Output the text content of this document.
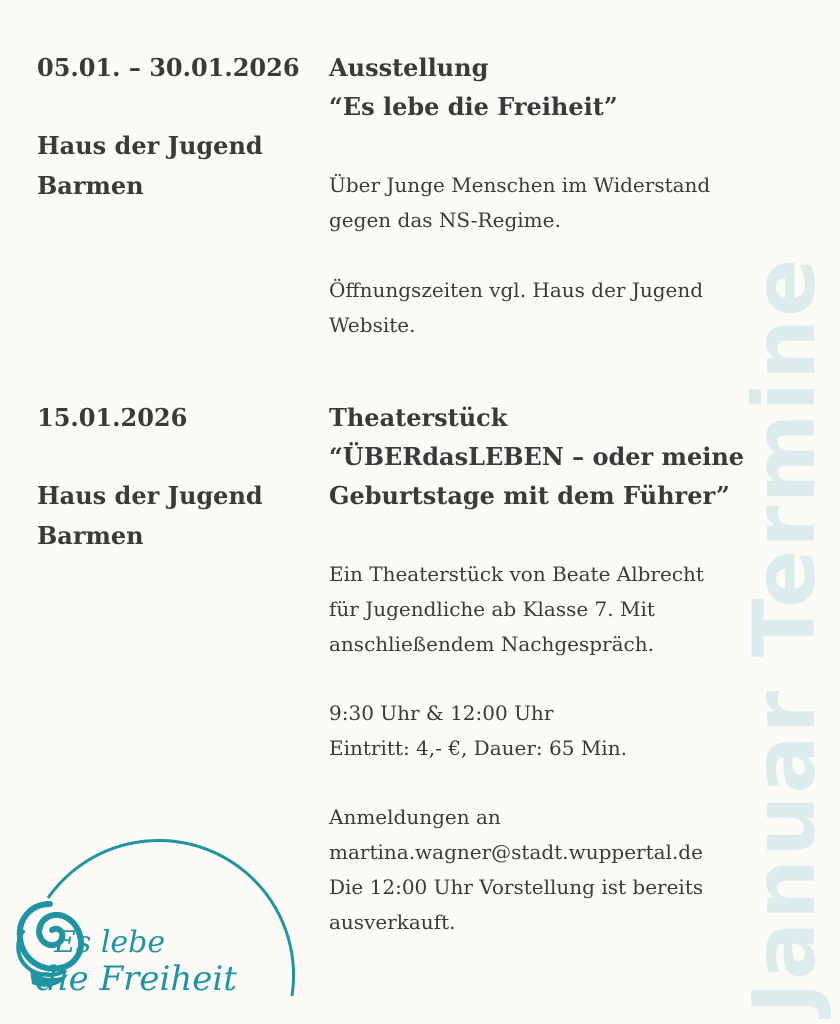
05.01. – 30.01.2026
Haus der Jugend
Barmen
Ausstellung
“Es lebe die Freiheit”
Über Junge Menschen im Widerstand
gegen das NS-Regime.
Öffnungszeiten vgl. Haus der Jugend
Website.
15.01.2026
Haus der Jugend
Barmen
Theaterstück
“ÜBERdasLEBEN – oder meine
Geburtstage mit dem Führer”
Ein Theaterstück von Beate Albrecht
für Jugendliche ab Klasse 7. Mit
anschließendem Nachgespräch.
9:30 Uhr & 12:00 Uhr
Eintritt: 4,- €, Dauer: 65 Min.
Anmeldungen an
martina.wagner@stadt.wuppertal.de
Die 12:00 Uhr Vorstellung ist bereits
ausverkauft.	Januar Termine
Es lebe
die Freiheit
